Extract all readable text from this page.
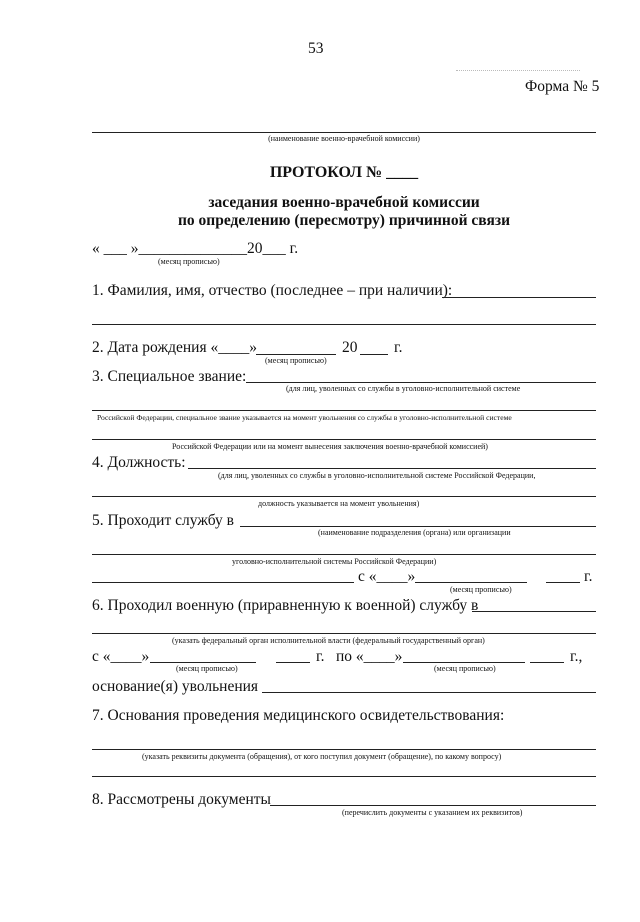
53
Форма № 5
(наименование военно-врачебной комиссии)
ПРОТОКОЛ № ____
заседания военно-врачебной комиссии
по определению (пересмотру) причинной связи
« ___ »______________20___ г.
(месяц прописью)
1. Фамилия, имя, отчество (последнее – при наличии):
2. Дата рождения «____»
(месяц прописью)
20 г.
3. Специальное звание:
(для лиц, уволенных со службы в уголовно-исполнительной системе
Российской Федерации, специальное звание указывается на момент увольнения со службы в уголовно-исполнительной системе
Российской Федерации или на момент вынесения заключения военно-врачебной комиссией)
4. Должность:
(для лиц, уволенных со службы в уголовно-исполнительной системе Российской Федерации,
должность указывается на момент увольнения)
5. Проходит службу в
(наименование подразделения (органа) или организации
уголовно-исполнительной системы Российской Федерации)
с «____»
(месяц прописью)
г.
6. Проходил военную (приравненную к военной) службу в
(указать федеральный орган исполнительной власти (федеральный государственный орган)
с «____»
(месяц прописью)
г. по «____»
(месяц прописью)
г.,
основание(я) увольнения
7. Основания проведения медицинского освидетельствования:
(указать реквизиты документа (обращения), от кого поступил документ (обращение), по какому вопросу)
8. Рассмотрены документы
(перечислить документы с указанием их реквизитов)
